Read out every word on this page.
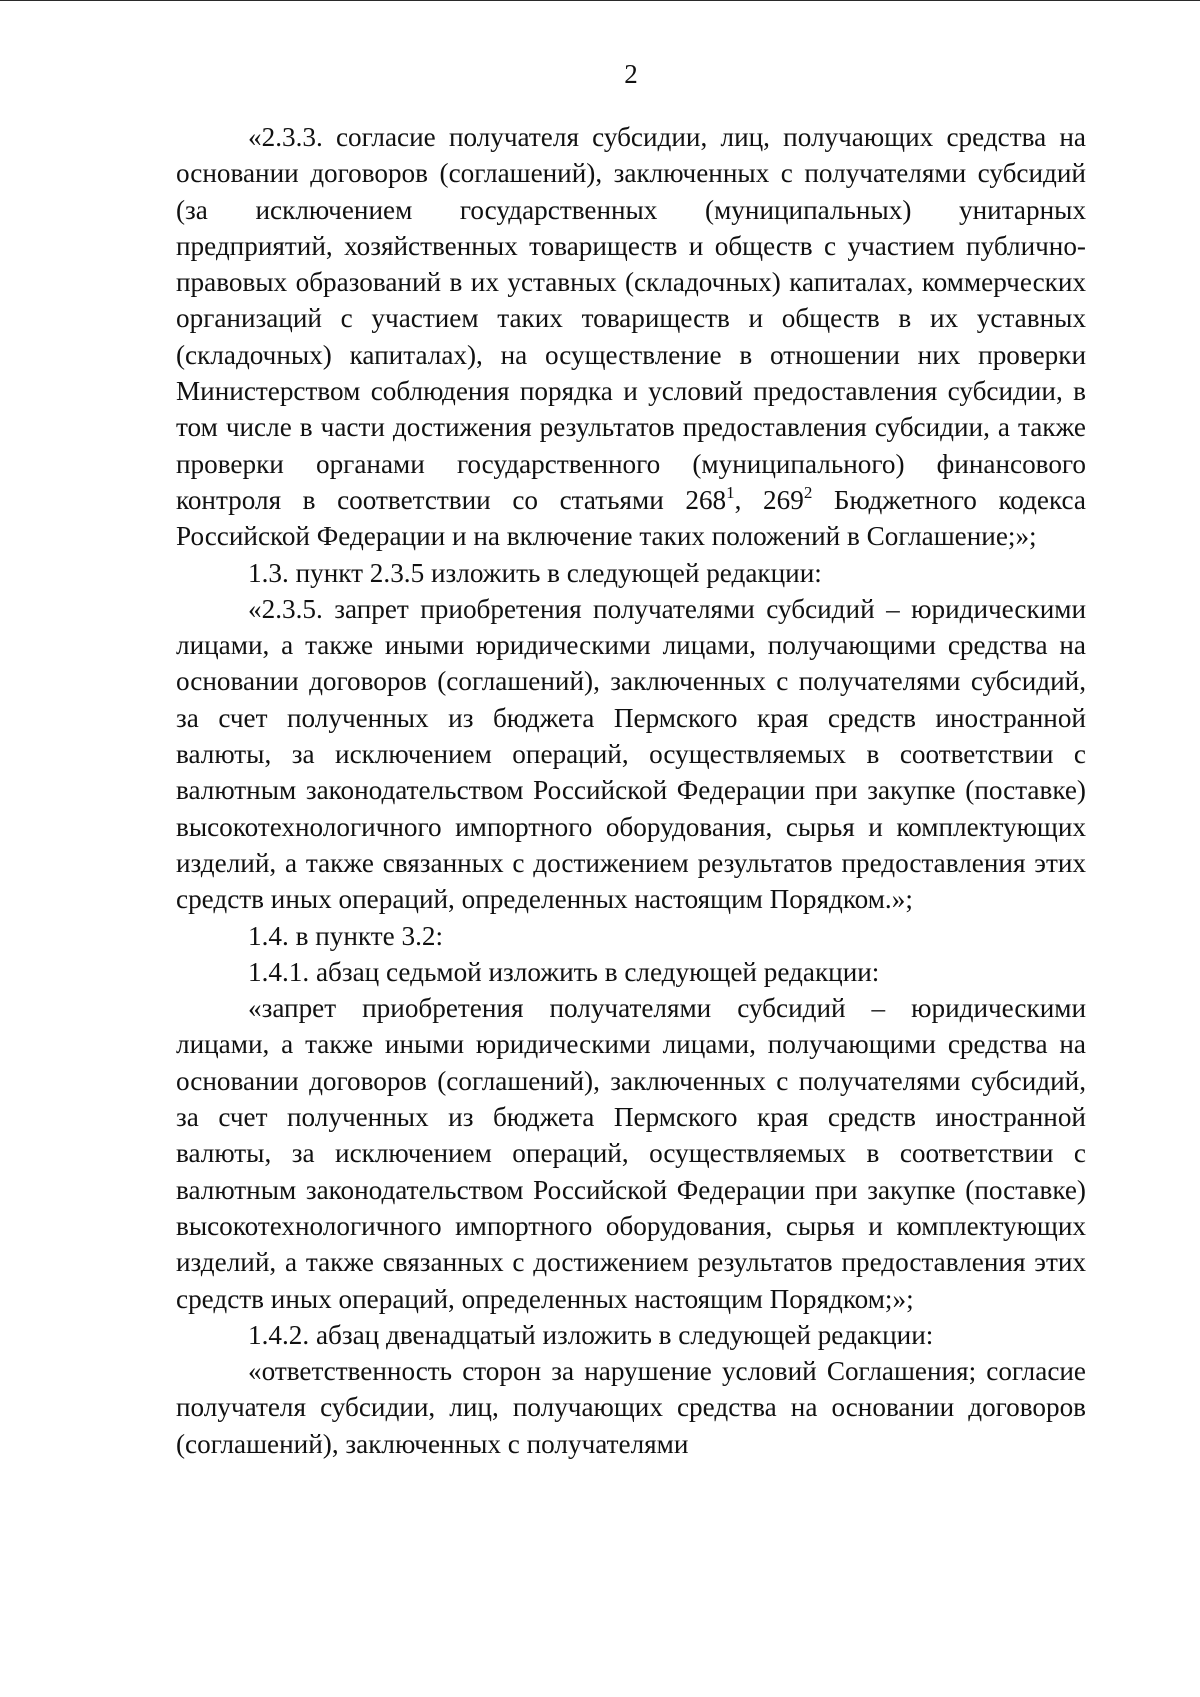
2

«2.3.3. согласие получателя субсидии, лиц, получающих средства на основании договоров (соглашений), заключенных с получателями субсидий (за исключением государственных (муниципальных) унитарных предприятий, хозяйственных товариществ и обществ с участием публично-правовых образований в их уставных (складочных) капиталах, коммерческих организаций с участием таких товариществ и обществ в их уставных (складочных) капиталах), на осуществление в отношении них проверки Министерством соблюдения порядка и условий предоставления субсидии, в том числе в части достижения результатов предоставления субсидии, а также проверки органами государственного (муниципального) финансового контроля в соответствии со статьями $268^1$, $269^2$ Бюджетного кодекса Российской Федерации и на включение таких положений в Соглашение;»;

1.3. пункт 2.3.5 изложить в следующей редакции:

«2.3.5. запрет приобретения получателями субсидий – юридическими лицами, а также иными юридическими лицами, получающими средства на основании договоров (соглашений), заключенных с получателями субсидий, за счет полученных из бюджета Пермского края средств иностранной валюты, за исключением операций, осуществляемых в соответствии с валютным законодательством Российской Федерации при закупке (поставке) высокотехнологичного импортного оборудования, сырья и комплектующих изделий, а также связанных с достижением результатов предоставления этих средств иных операций, определенных настоящим Порядком.»;

1.4. в пункте 3.2:

1.4.1. абзац седьмой изложить в следующей редакции:

«запрет приобретения получателями субсидий – юридическими лицами, а также иными юридическими лицами, получающими средства на основании договоров (соглашений), заключенных с получателями субсидий, за счет полученных из бюджета Пермского края средств иностранной валюты, за исключением операций, осуществляемых в соответствии с валютным законодательством Российской Федерации при закупке (поставке) высокотехнологичного импортного оборудования, сырья и комплектующих изделий, а также связанных с достижением результатов предоставления этих средств иных операций, определенных настоящим Порядком;»;

1.4.2. абзац двенадцатый изложить в следующей редакции:

«ответственность сторон за нарушение условий Соглашения; согласие получателя субсидии, лиц, получающих средства на основании договоров (соглашений), заключенных с получателями
